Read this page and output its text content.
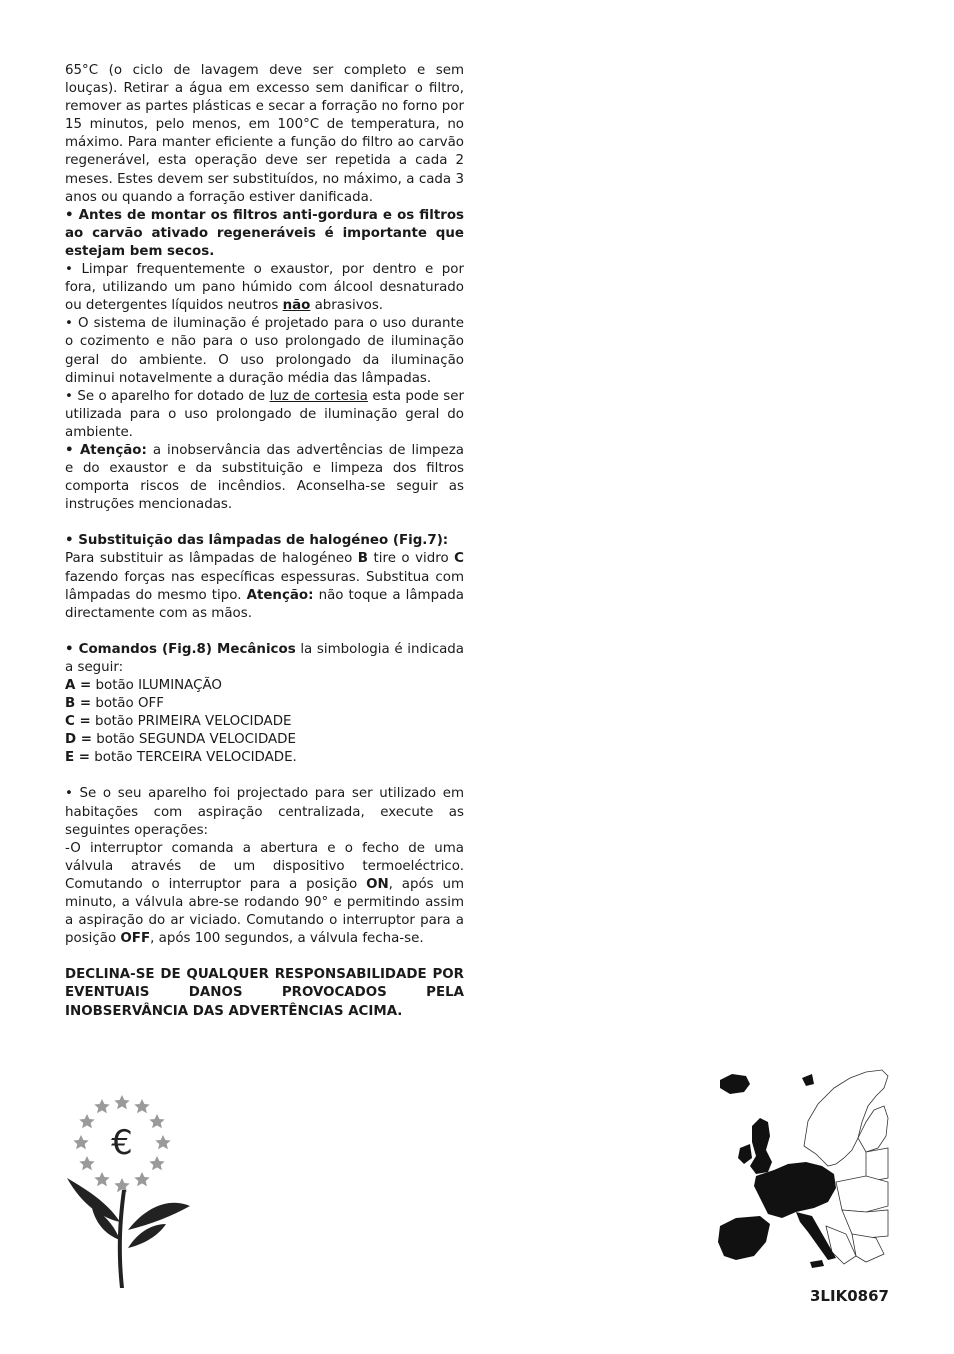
65°C (o ciclo de lavagem deve ser completo e sem louças). Retirar a água em excesso sem danificar o filtro, remover as partes plásticas e secar a forração no forno por 15 minutos, pelo menos, em 100°C de temperatura, no máximo. Para manter eficiente a função do filtro ao carvão regenerável, esta operação deve ser repetida a cada 2 meses. Estes devem ser substituídos, no máximo, a cada 3 anos ou quando a forração estiver danificada.

• Antes de montar os filtros anti-gordura e os filtros ao carvão ativado regeneráveis é importante que estejam bem secos.

• Limpar frequentemente o exaustor, por dentro e por fora, utilizando um pano húmido com álcool desnaturado ou detergentes líquidos neutros não abrasivos.

• O sistema de iluminação é projetado para o uso durante o cozimento e não para o uso prolongado de iluminação geral do ambiente. O uso prolongado da iluminação diminui notavelmente a duração média das lâmpadas.

• Se o aparelho for dotado de luz de cortesia esta pode ser utilizada para o uso prolongado de iluminação geral do ambiente.

• Atenção: a inobservância das advertências de limpeza e do exaustor e da substituição e limpeza dos filtros comporta riscos de incêndios. Aconselha-se seguir as instruções mencionadas.

• Substituição das lâmpadas de halogéneo (Fig.7):

Para substituir as lâmpadas de halogéneo B tire o vidro C fazendo forças nas específicas espessuras. Substitua com lâmpadas do mesmo tipo. Atenção: não toque a lâmpada directamente com as mãos.

• Comandos (Fig.8) Mecânicos la simbologia é indicada a seguir:

A = botão ILUMINAÇÃO

B = botão OFF

C = botão PRIMEIRA VELOCIDADE

D = botão SEGUNDA VELOCIDADE

E = botão TERCEIRA VELOCIDADE.

• Se o seu aparelho foi projectado para ser utilizado em habitações com aspiração centralizada, execute as seguintes operações:

-O interruptor comanda a abertura e o fecho de uma válvula através de um dispositivo termoeléctrico. Comutando o interruptor para a posição ON, após um minuto, a válvula abre-se rodando 90° e permitindo assim a aspiração do ar viciado. Comutando o interruptor para a posição OFF, após 100 segundos, a válvula fecha-se.

DECLINA-SE DE QUALQUER RESPONSABILIDADE POR EVENTUAIS DANOS PROVOCADOS PELA INOBSERVÂNCIA DAS ADVERTÊNCIAS ACIMA.

€
3LIK0867
